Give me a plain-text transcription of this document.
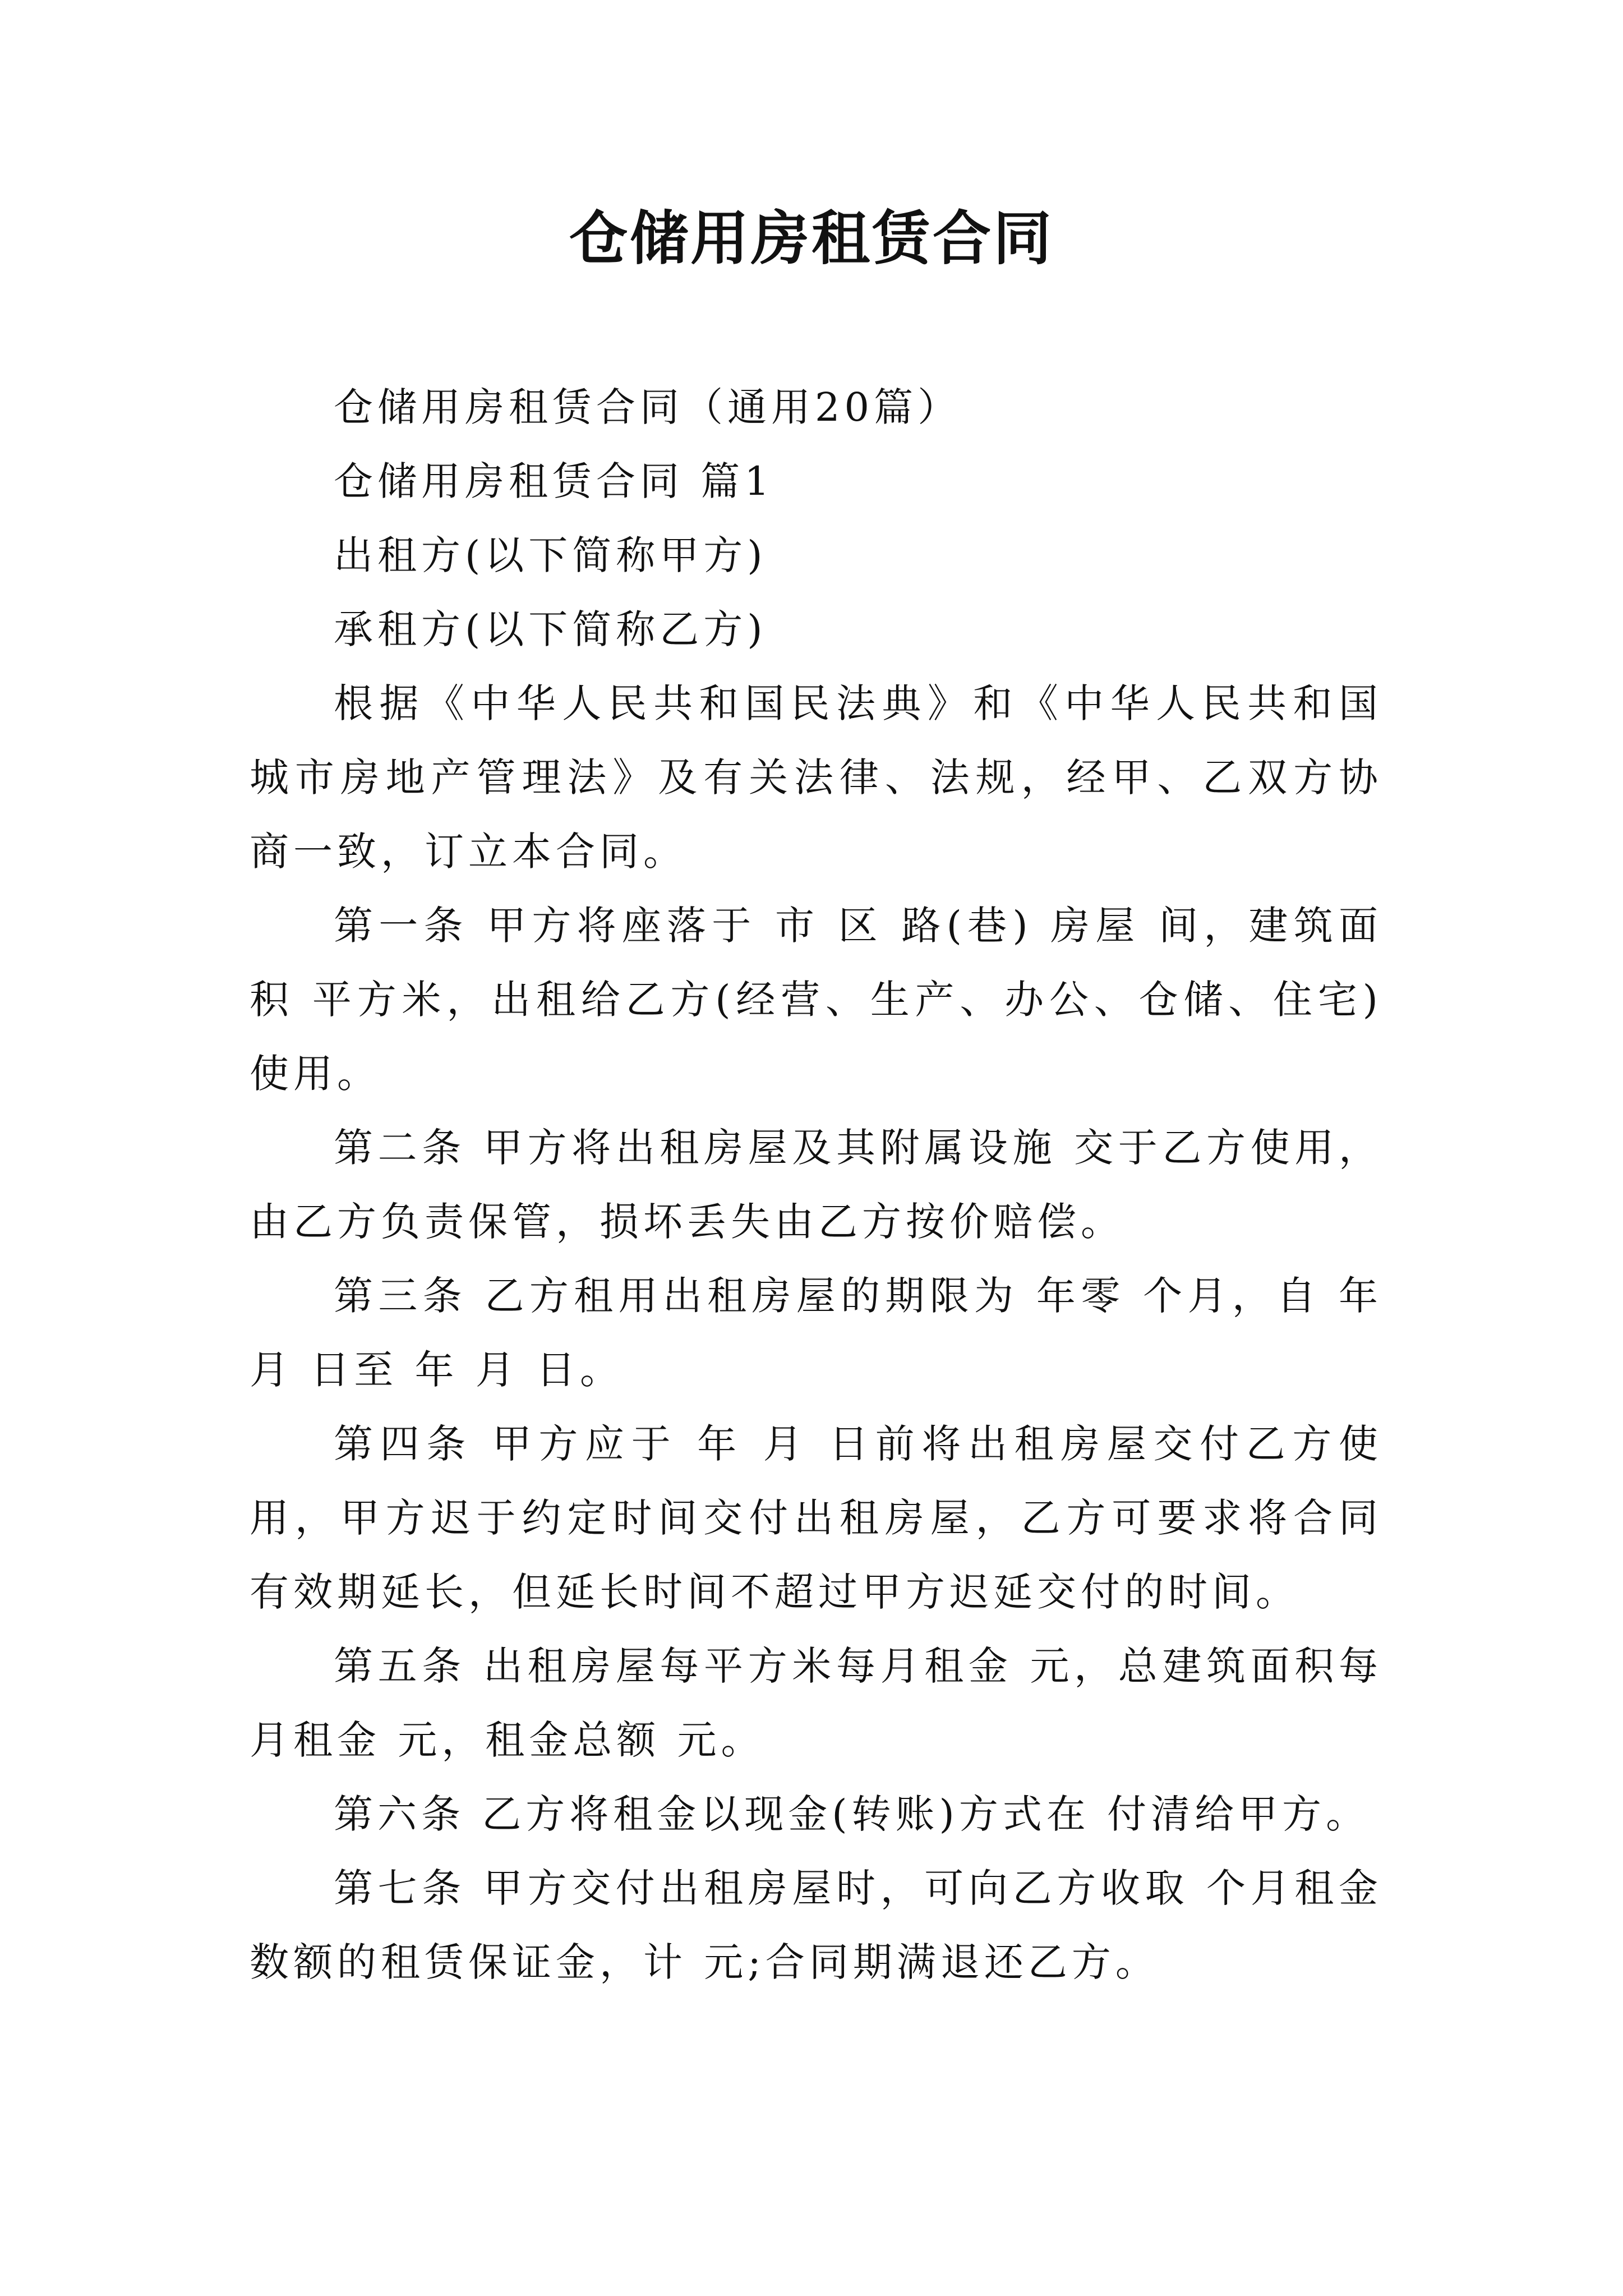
仓储用房租赁合同

仓储用房租赁合同（通用20篇）

仓储用房租赁合同 篇1

出租方(以下简称甲方)

承租方(以下简称乙方)

根据《中华人民共和国民法典》和《中华人民共和国城市房地产管理法》及有关法律、法规，经甲、乙双方协商一致，订立本合同。

第一条 甲方将座落于 市 区 路(巷) 房屋 间，建筑面积 平方米，出租给乙方(经营、生产、办公、仓储、住宅)使用。

第二条 甲方将出租房屋及其附属设施 交于乙方使用，由乙方负责保管，损坏丢失由乙方按价赔偿。

第三条 乙方租用出租房屋的期限为 年零 个月，自 年 月 日至 年 月 日。

第四条 甲方应于 年 月 日前将出租房屋交付乙方使用，甲方迟于约定时间交付出租房屋，乙方可要求将合同有效期延长，但延长时间不超过甲方迟延交付的时间。

第五条 出租房屋每平方米每月租金 元，总建筑面积每月租金 元，租金总额 元。

第六条 乙方将租金以现金(转账)方式在 付清给甲方。

第七条 甲方交付出租房屋时，可向乙方收取 个月租金数额的租赁保证金，计 元;合同期满退还乙方。
